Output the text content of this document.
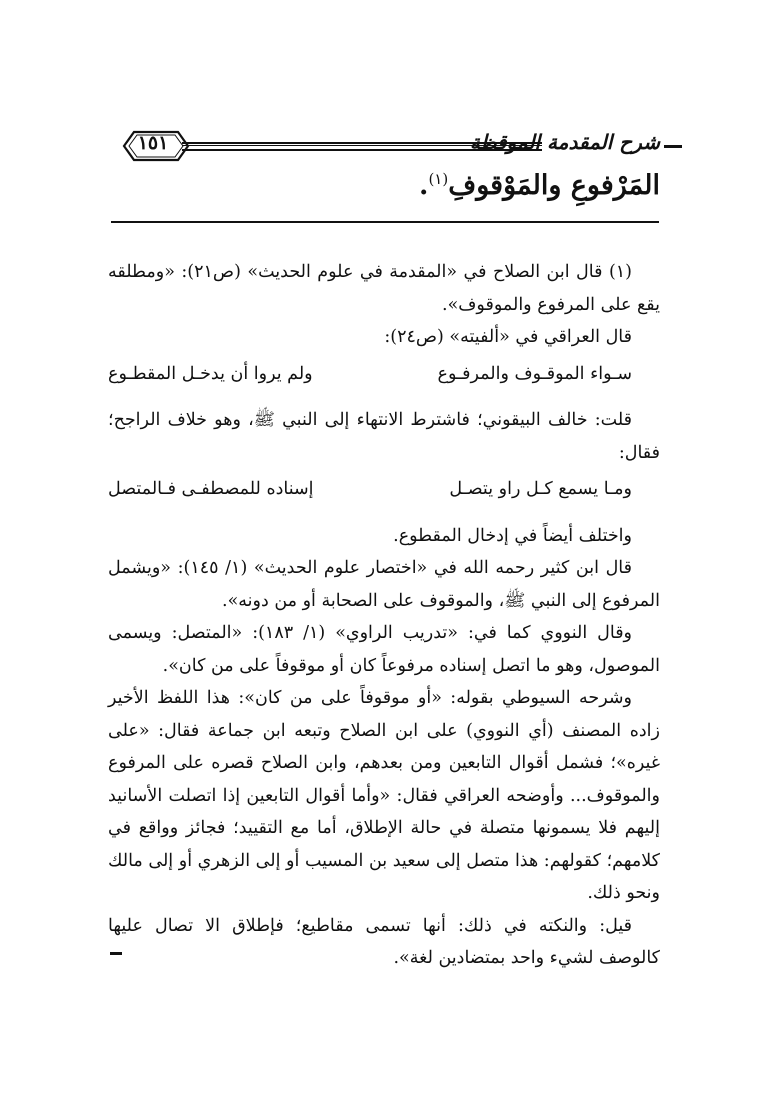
١٥١	شرح المقدمة الموقظة
المَرْفوعِ والمَوْقوفِ$^{(١)}$.

(١) قال ابن الصلاح في «المقدمة في علوم الحديث» (ص٢١): «ومطلقه يقع على المرفوع والموقوف».

قال العراقي في «ألفيته» (ص٢٤):

سـواء الموقـوف والمرفـوع
ولم يروا أن يدخـل المقطـوع

قلت: خالف البيقوني؛ فاشترط الانتهاء إلى النبي ﷺ، وهو خلاف الراجح؛ فقال:

ومـا يسمع كـل راو يتصـل
إسناده للمصطفـى فـالمتصل

واختلف أيضاً في إدخال المقطوع.

قال ابن كثير رحمه الله في «اختصار علوم الحديث» (١/ ١٤٥): «ويشمل المرفوع إلى النبي ﷺ، والموقوف على الصحابة أو من دونه».

وقال النووي كما في: «تدريب الراوي» (١/ ١٨٣): «المتصل: ويسمى الموصول، وهو ما اتصل إسناده مرفوعاً كان أو موقوفاً على من كان».

وشرحه السيوطي بقوله: «أو موقوفاً على من كان»: هذا اللفظ الأخير زاده المصنف (أي النووي) على ابن الصلاح وتبعه ابن جماعة فقال: «على غيره»؛ فشمل أقوال التابعين ومن بعدهم، وابن الصلاح قصره على المرفوع والموقوف... وأوضحه العراقي فقال: «وأما أقوال التابعين إذا اتصلت الأسانيد إليهم فلا يسمونها متصلة في حالة الإطلاق، أما مع التقييد؛ فجائز وواقع في كلامهم؛ كقولهم: هذا متصل إلى سعيد بن المسيب أو إلى الزهري أو إلى مالك ونحو ذلك.

قيل: والنكته في ذلك: أنها تسمى مقاطيع؛ فإطلاق الا تصال عليها كالوصف لشيء واحد بمتضادين لغة».
